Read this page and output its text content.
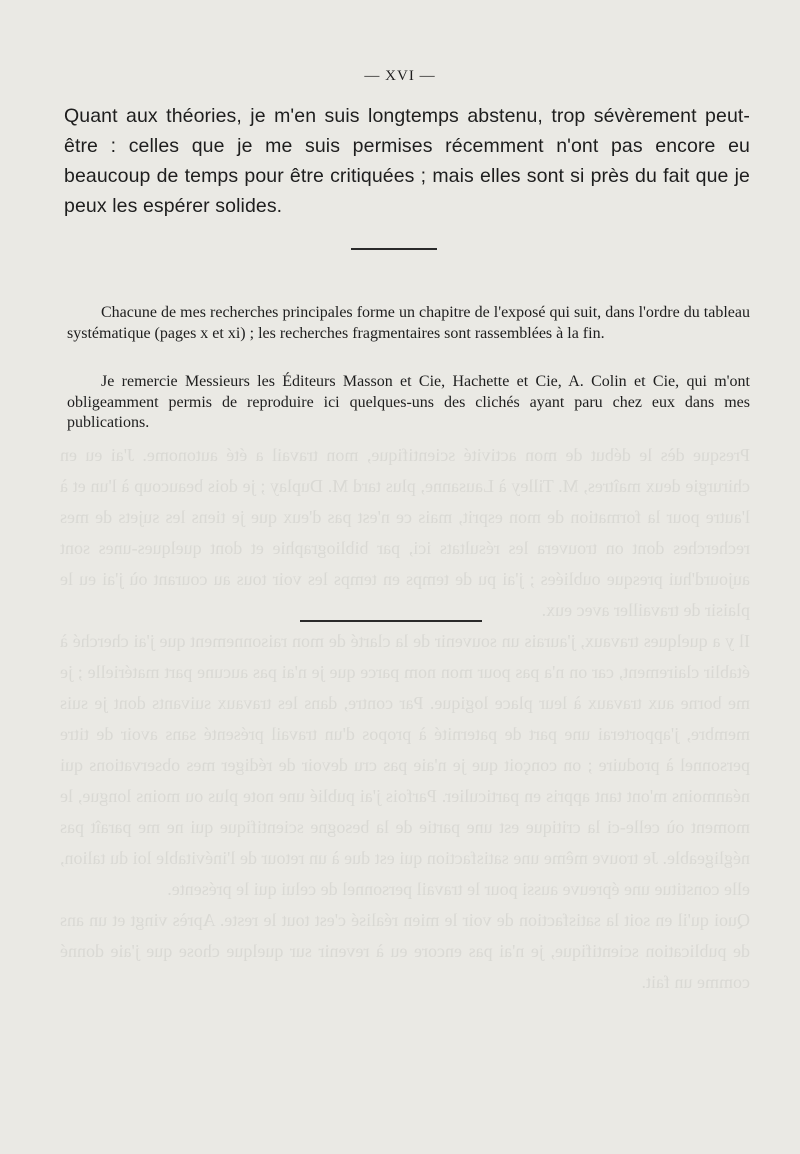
Presque dès le début de mon activité scientifique, mon travail a été autonome. J'ai eu en chirurgie deux maîtres, M. Tilley à Lausanne, plus tard M. Duplay ; je dois beaucoup à l'un et à l'autre pour la formation de mon esprit, mais ce n'est pas d'eux que je tiens les sujets de mes recherches dont on trouvera les résultats ici, par bibliographie et dont quelques-unes sont aujourd'hui presque oubliées ; j'ai pu de temps en temps les voir tous au courant où j'ai eu le plaisir de travailler avec eux.

Il y a quelques travaux, j'aurais un souvenir de la clarté de mon raisonnement que j'ai cherché à établir clairement, car on n'a pas pour mon nom parce que je n'ai pas aucune part matérielle ; je me borne aux travaux à leur place logique. Par contre, dans les travaux suivants dont je suis membre, j'apporterai une part de paternité à propos d'un travail présenté sans avoir de titre personnel à produire ; on conçoit que je n'aie pas cru devoir de rédiger mes observations qui néanmoins m'ont tant appris en particulier. Parfois j'ai publié une note plus ou moins longue, le moment où celle-ci la critique est une partie de la besogne scientifique qui ne me paraît pas négligeable. Je trouve même une satisfaction qui est due à un retour de l'inévitable loi du talion, elle constitue une épreuve aussi pour le travail personnel de celui qui le présente.

Quoi qu'il en soit la satisfaction de voir le mien réalisé c'est tout le reste. Après vingt et un ans de publication scientifique, je n'ai pas encore eu à revenir sur quelque chose que j'aie donné comme un fait.

— XVI —

Quant aux théories, je m'en suis longtemps abstenu, trop sévèrement peut-être : celles que je me suis permises récemment n'ont pas encore eu beaucoup de temps pour être critiquées ; mais elles sont si près du fait que je peux les espérer solides.

Chacune de mes recherches principales forme un chapitre de l'exposé qui suit, dans l'ordre du tableau systématique (pages x et xi) ; les recherches fragmentaires sont rassemblées à la fin.

Je remercie Messieurs les Éditeurs Masson et Cie, Hachette et Cie, A. Colin et Cie, qui m'ont obligeamment permis de reproduire ici quelques-uns des clichés ayant paru chez eux dans mes publications.
